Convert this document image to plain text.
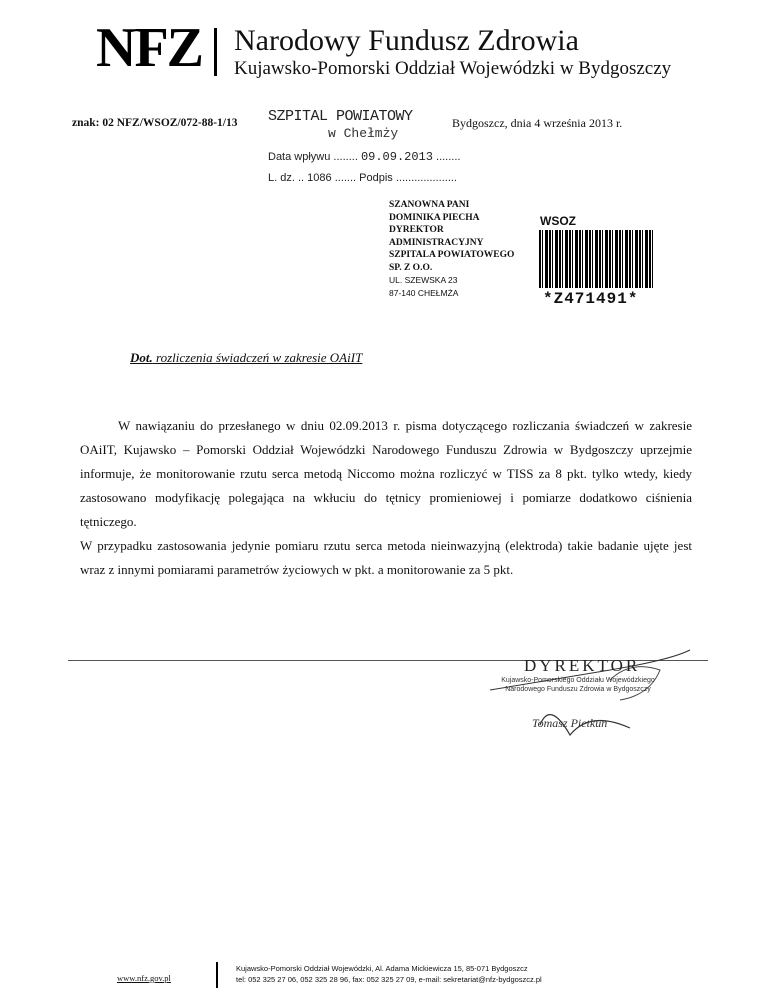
NFZ Narodowy Fundusz Zdrowia
Kujawsko-Pomorski Oddział Wojewódzki w Bydgoszczy
znak: 02 NFZ/WSOZ/072-88-1/13 SZPITAL POWIATOWY
w Chełmży
Bydgoszcz, dnia 4 września 2013 r.
Data wpływu ........ 09.09.2013 ........
L. dz. .. 1086 ....... Podpis ....................
SZANOWNA PANI
DOMINIKA PIECHA
DYREKTOR
ADMINISTRACYJNY
SZPITALA POWIATOWEGO
SP. Z O.O.
UL. SZEWSKA 23
87-140 CHEŁMŻA
WSOZ
*Z471491*
Dot. rozliczenia świadczeń w zakresie OAiIT

W nawiązaniu do przesłanego w dniu 02.09.2013 r. pisma dotyczącego rozliczania świadczeń w zakresie OAiIT, Kujawsko – Pomorski Oddział Wojewódzki Narodowego Funduszu Zdrowia w Bydgoszczy uprzejmie informuje, że monitorowanie rzutu serca metodą Niccomo można rozliczyć w TISS za 8 pkt. tylko wtedy, kiedy zastosowano modyfikację polegająca na wkłuciu do tętnicy promieniowej i pomiarze dodatkowo ciśnienia tętniczego.

W przypadku zastosowania jedynie pomiaru rzutu serca metoda nieinwazyjną (elektroda) takie badanie ujęte jest wraz z innymi pomiarami parametrów życiowych w pkt. a monitorowanie za 5 pkt.

DYREKTOR
Kujawsko-Pomorskiego Oddziału Wojewódzkiego
Narodowego Funduszu Zdrowia w Bydgoszczy
Tomasz Pietkun
www.nfz.gov.pl
Kujawsko-Pomorski Oddział Wojewódzki, Al. Adama Mickiewicza 15, 85-071 Bydgoszcz
tel: 052 325 27 06, 052 325 28 96, fax: 052 325 27 09, e-mail: sekretariat@nfz-bydgoszcz.pl
